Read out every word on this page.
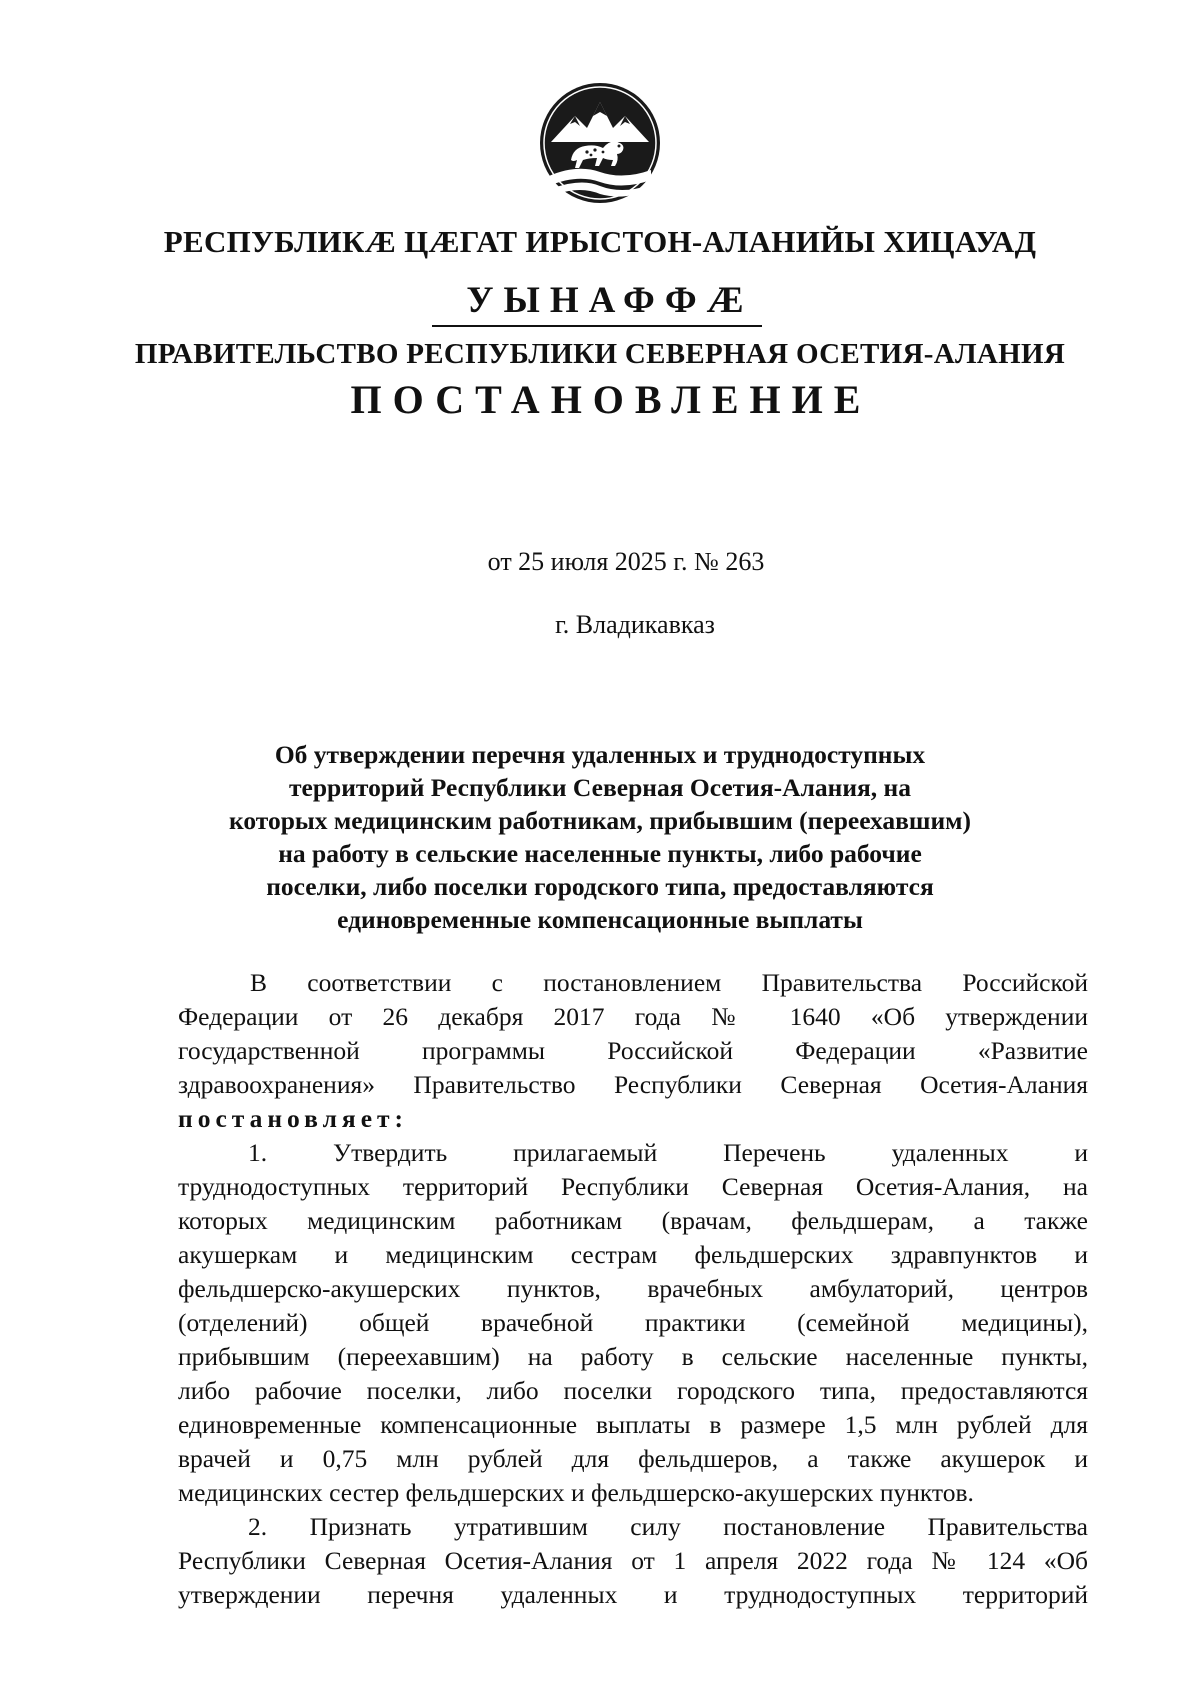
РЕСПУБЛИКӔ ЦӔГАТ ИРЫСТОН-АЛАНИЙЫ ХИЦАУАД
УЫНАФФӔ
ПРАВИТЕЛЬСТВО РЕСПУБЛИКИ СЕВЕРНАЯ ОСЕТИЯ-АЛАНИЯ
ПОСТАНОВЛЕНИЕ
от 25 июля 2025 г. № 263
г. Владикавказ
Об утверждении перечня удаленных и труднодоступных
территорий Республики Северная Осетия-Алания, на
которых медицинским работникам, прибывшим (переехавшим)
на работу в сельские населенные пункты, либо рабочие
поселки, либо поселки городского типа, предоставляются
единовременные компенсационные выплаты
В соответствии с постановлением Правительства Российской
Федерации от 26 декабря 2017 года № 1640 «Об утверждении
государственной программы Российской Федерации «Развитие
здравоохранения» Правительство Республики Северная Осетия-Алания
постановляет:
1. Утвердить прилагаемый Перечень удаленных и
труднодоступных территорий Республики Северная Осетия-Алания, на
которых медицинским работникам (врачам, фельдшерам, а также
акушеркам и медицинским сестрам фельдшерских здравпунктов и
фельдшерско-акушерских пунктов, врачебных амбулаторий, центров
(отделений) общей врачебной практики (семейной медицины),
прибывшим (переехавшим) на работу в сельские населенные пункты,
либо рабочие поселки, либо поселки городского типа, предоставляются
единовременные компенсационные выплаты в размере 1,5 млн рублей для
врачей и 0,75 млн рублей для фельдшеров, а также акушерок и
медицинских сестер фельдшерских и фельдшерско-акушерских пунктов.
2. Признать утратившим силу постановление Правительства
Республики Северная Осетия-Алания от 1 апреля 2022 года № 124 «Об
утверждении перечня удаленных и труднодоступных территорий
